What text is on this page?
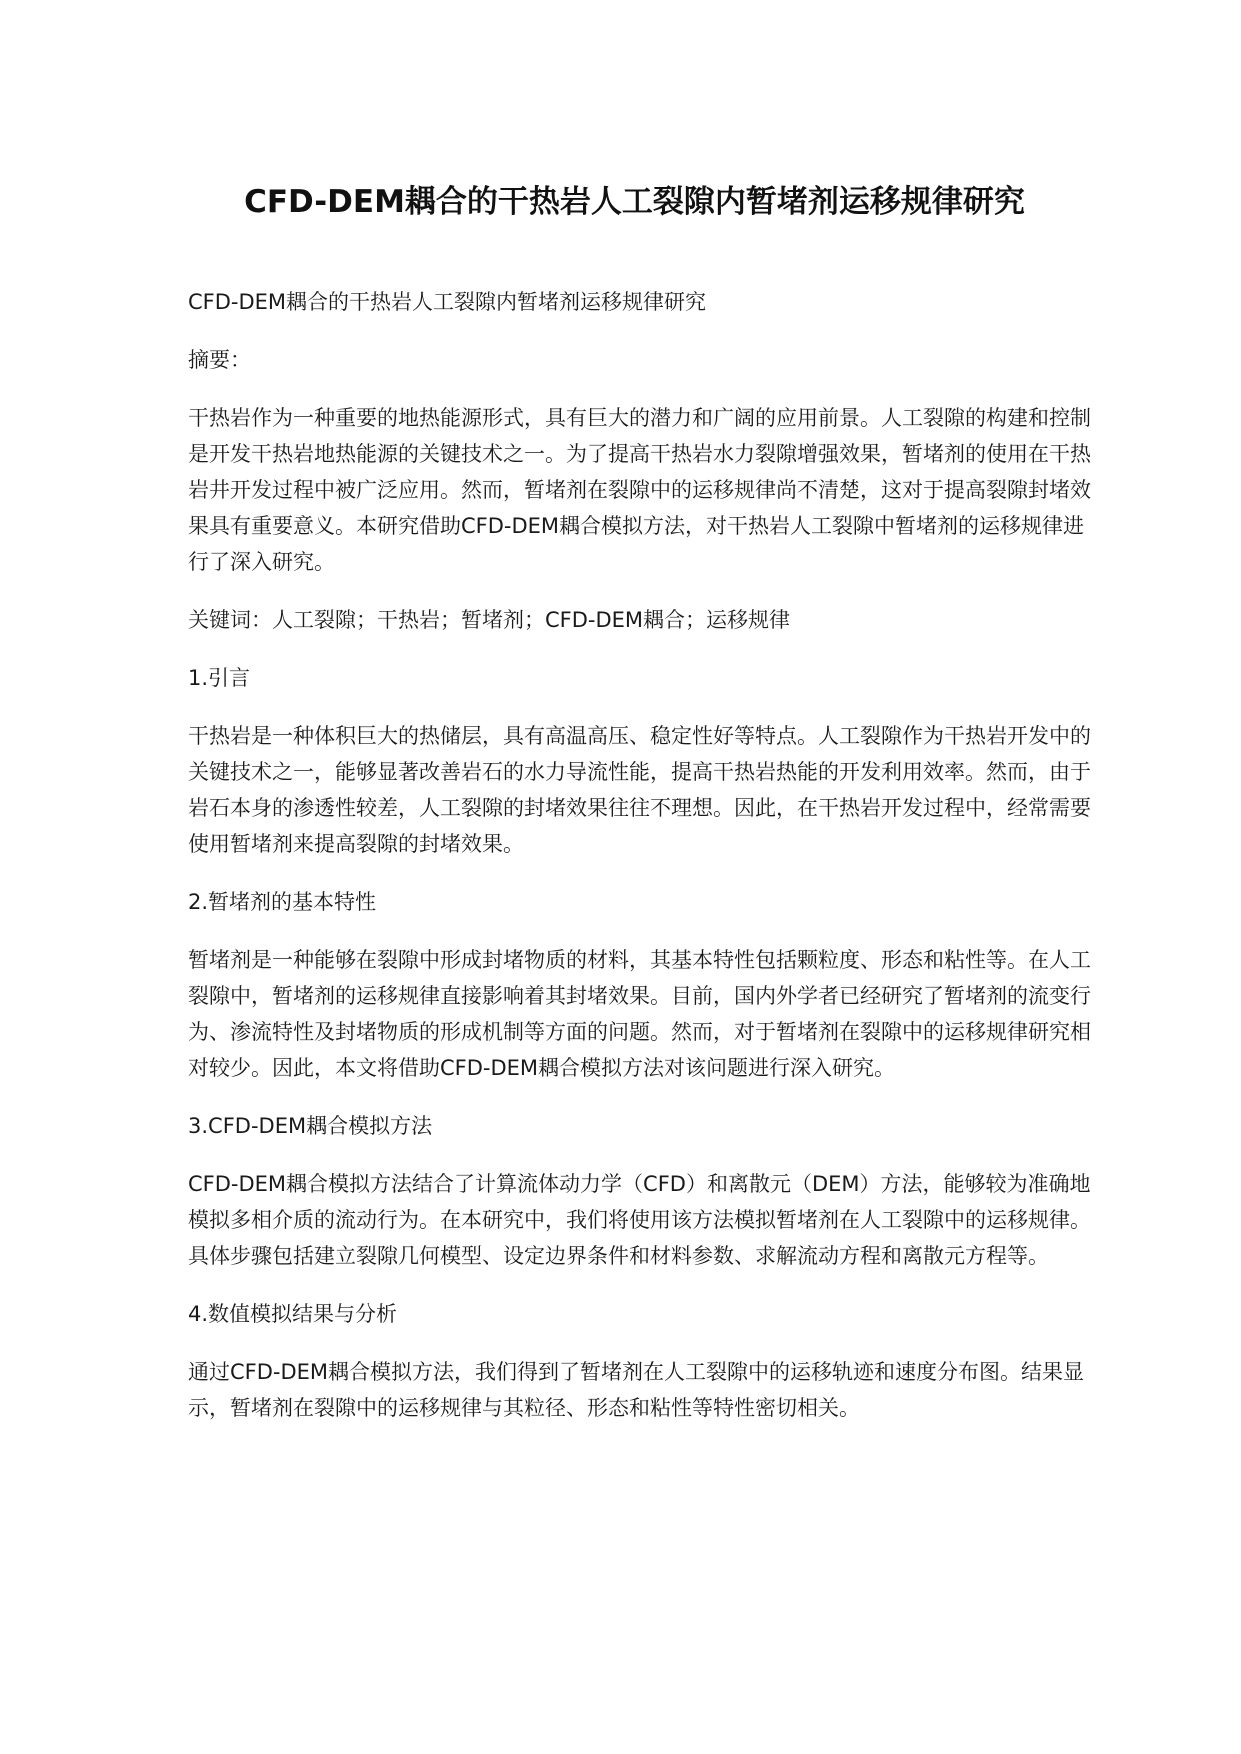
CFD-DEM耦合的干热岩人工裂隙内暂堵剂运移规律研究

CFD-DEM耦合的干热岩人工裂隙内暂堵剂运移规律研究

摘要：

干热岩作为一种重要的地热能源形式，具有巨大的潜力和广阔的应用前景。人工裂隙的构建和控制是开发干热岩地热能源的关键技术之一。为了提高干热岩水力裂隙增强效果，暂堵剂的使用在干热岩井开发过程中被广泛应用。然而，暂堵剂在裂隙中的运移规律尚不清楚，这对于提高裂隙封堵效果具有重要意义。本研究借助CFD-DEM耦合模拟方法，对干热岩人工裂隙中暂堵剂的运移规律进行了深入研究。

关键词：人工裂隙；干热岩；暂堵剂；CFD-DEM耦合；运移规律

1.引言

干热岩是一种体积巨大的热储层，具有高温高压、稳定性好等特点。人工裂隙作为干热岩开发中的关键技术之一，能够显著改善岩石的水力导流性能，提高干热岩热能的开发利用效率。然而，由于岩石本身的渗透性较差，人工裂隙的封堵效果往往不理想。因此，在干热岩开发过程中，经常需要使用暂堵剂来提高裂隙的封堵效果。

2.暂堵剂的基本特性

暂堵剂是一种能够在裂隙中形成封堵物质的材料，其基本特性包括颗粒度、形态和粘性等。在人工裂隙中，暂堵剂的运移规律直接影响着其封堵效果。目前，国内外学者已经研究了暂堵剂的流变行为、渗流特性及封堵物质的形成机制等方面的问题。然而，对于暂堵剂在裂隙中的运移规律研究相对较少。因此，本文将借助CFD-DEM耦合模拟方法对该问题进行深入研究。

3.CFD-DEM耦合模拟方法

CFD-DEM耦合模拟方法结合了计算流体动力学（CFD）和离散元（DEM）方法，能够较为准确地模拟多相介质的流动行为。在本研究中，我们将使用该方法模拟暂堵剂在人工裂隙中的运移规律。具体步骤包括建立裂隙几何模型、设定边界条件和材料参数、求解流动方程和离散元方程等。

4.数值模拟结果与分析

通过CFD-DEM耦合模拟方法，我们得到了暂堵剂在人工裂隙中的运移轨迹和速度分布图。结果显示，暂堵剂在裂隙中的运移规律与其粒径、形态和粘性等特性密切相关。
